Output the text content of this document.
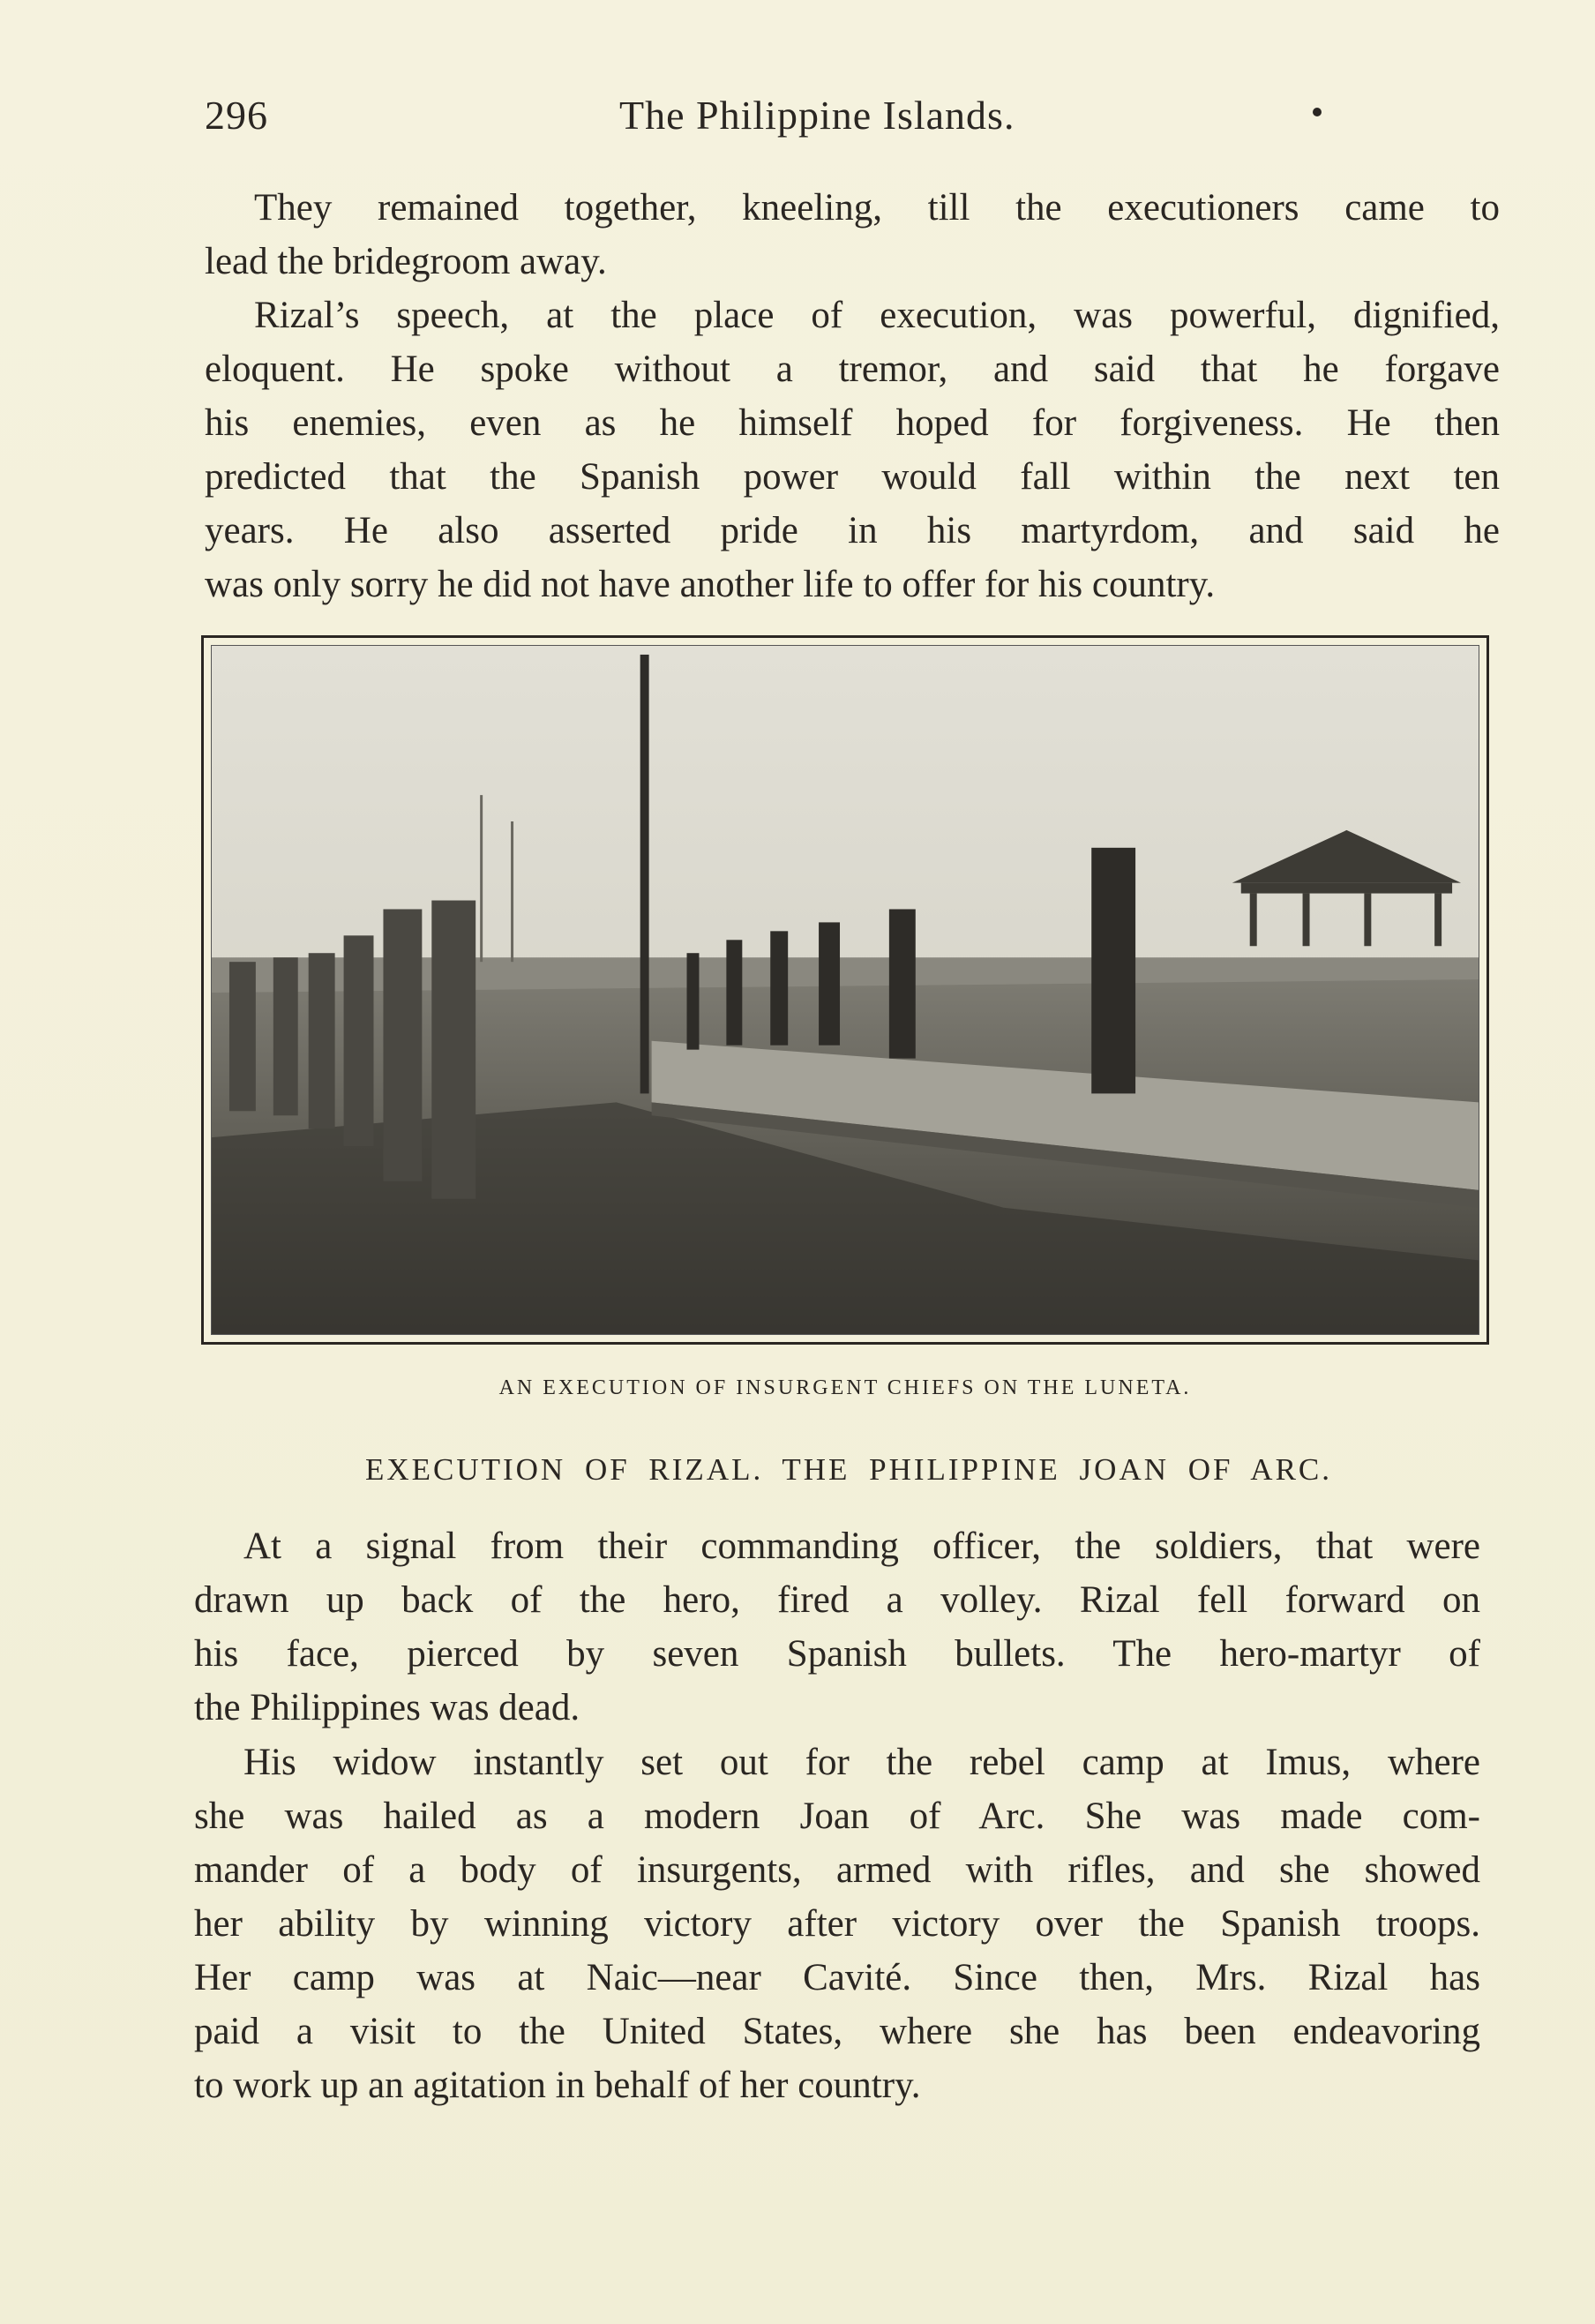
296	The Philippine Islands.

They remained together, kneeling, till the executioners came to
lead the bridegroom away.

Rizal’s speech, at the place of execution, was powerful, dignified,
eloquent. He spoke without a tremor, and said that he forgave
his enemies, even as he himself hoped for forgiveness. He then
predicted that the Spanish power would fall within the next ten
years. He also asserted pride in his martyrdom, and said he
was only sorry he did not have another life to offer for his country.

AN EXECUTION OF INSURGENT CHIEFS ON THE LUNETA.
EXECUTION OF RIZAL. THE PHILIPPINE JOAN OF ARC.

At a signal from their commanding officer, the soldiers, that were
drawn up back of the hero, fired a volley. Rizal fell forward on
his face, pierced by seven Spanish bullets. The hero-martyr of
the Philippines was dead.

His widow instantly set out for the rebel camp at Imus, where
she was hailed as a modern Joan of Arc. She was made com-
mander of a body of insurgents, armed with rifles, and she showed
her ability by winning victory after victory over the Spanish troops.
Her camp was at Naic—near Cavité. Since then, Mrs. Rizal has
paid a visit to the United States, where she has been endeavoring
to work up an agitation in behalf of her country.
